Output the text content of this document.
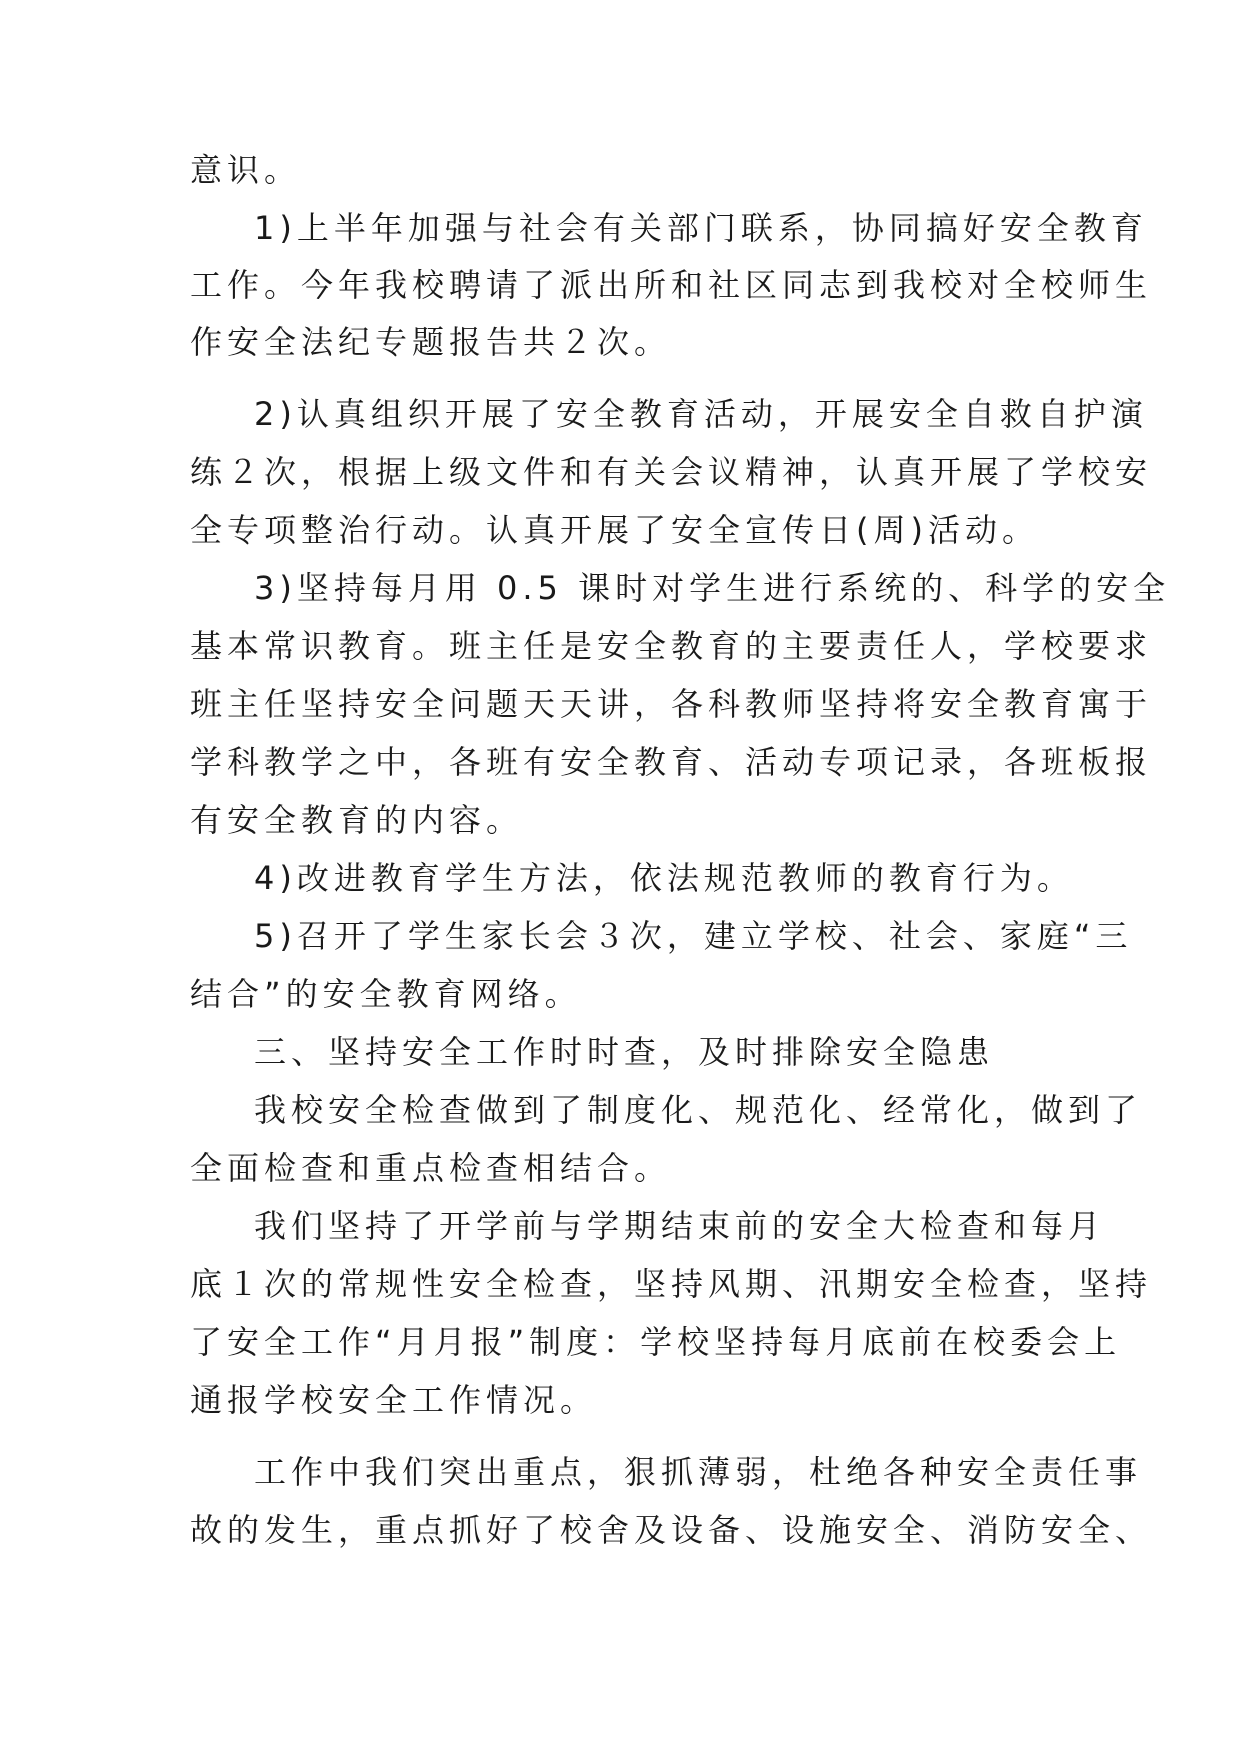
意识。
1)上半年加强与社会有关部门联系，协同搞好安全教育
工作。今年我校聘请了派出所和社区同志到我校对全校师生
作安全法纪专题报告共２次。
2)认真组织开展了安全教育活动，开展安全自救自护演
练２次，根据上级文件和有关会议精神，认真开展了学校安
全专项整治行动。认真开展了安全宣传日(周)活动。
3)坚持每月用 0.5 课时对学生进行系统的、科学的安全
基本常识教育。班主任是安全教育的主要责任人，学校要求
班主任坚持安全问题天天讲，各科教师坚持将安全教育寓于
学科教学之中，各班有安全教育、活动专项记录，各班板报
有安全教育的内容。
4)改进教育学生方法，依法规范教师的教育行为。
5)召开了学生家长会３次，建立学校、社会、家庭“三
结合”的安全教育网络。
三、坚持安全工作时时查，及时排除安全隐患
我校安全检查做到了制度化、规范化、经常化，做到了
全面检查和重点检查相结合。
我们坚持了开学前与学期结束前的安全大检查和每月
底１次的常规性安全检查，坚持风期、汛期安全检查，坚持
了安全工作“月月报”制度：学校坚持每月底前在校委会上
通报学校安全工作情况。
工作中我们突出重点，狠抓薄弱，杜绝各种安全责任事
故的发生，重点抓好了校舍及设备、设施安全、消防安全、
